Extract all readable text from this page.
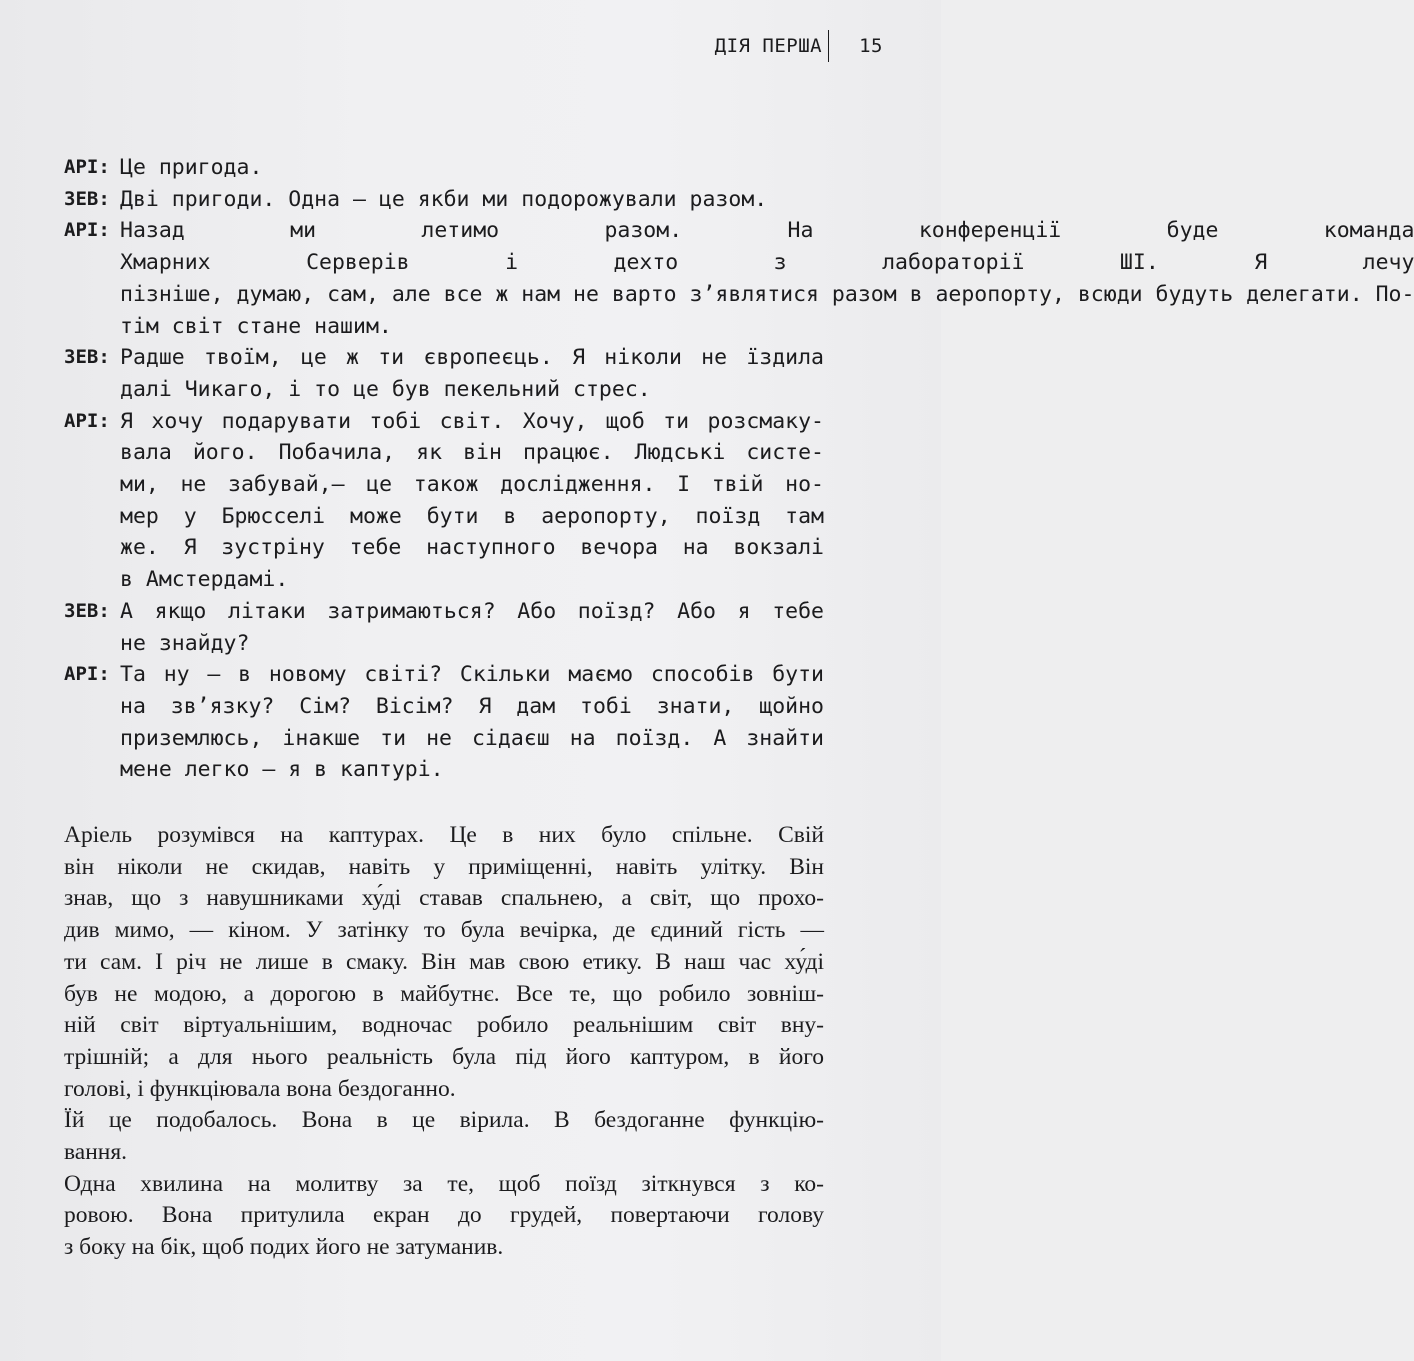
ДІЯ ПЕРША	15
АРІ: Це пригода.
ЗЕВ: Дві пригоди. Одна — це якби ми подорожували разом.
АРІ: Назад ми летимо разом. На конференції буде команда
Хмарних Серверів і дехто з лабораторії ШІ. Я лечу
пізніше, думаю, сам, але все ж нам не варто з’являтися разом в аеропорту, всюди будуть делегати. По-
тім світ стане нашим.
ЗЕВ: Радше твоїм, це ж ти європеєць. Я ніколи не їздила
далі Чикаго, і то це був пекельний стрес.
АРІ: Я хочу подарувати тобі світ. Хочу, щоб ти розсмаку-
вала його. Побачила, як він працює. Людські систе-
ми, не забувай,— це також дослідження. І твій но-
мер у Брюсселі може бути в аеропорту, поїзд там
же. Я зустріну тебе наступного вечора на вокзалі
в Амстердамі.
ЗЕВ: А якщо літаки затримаються? Або поїзд? Або я тебе
не знайду?
АРІ: Та ну — в новому світі? Скільки маємо способів бути
на зв’язку? Сім? Вісім? Я дам тобі знати, щойно
приземлюсь, інакше ти не сідаєш на поїзд. А знайти
мене легко — я в каптурі.

Аріель розумівся на каптурах. Це в них було спільне. Свій
він ніколи не скидав, навіть у приміщенні, навіть улітку. Він
знав, що з навушниками ху́ді ставав спальнею, а світ, що прохо-
див мимо, — кіном. У затінку то була вечірка, де єдиний гість —
ти сам. І річ не лише в смаку. Він мав свою етику. В наш час ху́ді
був не модою, а дорогою в майбутнє. Все те, що робило зовніш-
ній світ віртуальнішим, водночас робило реальнішим світ вну-
трішній; а для нього реальність була під його каптуром, в його
голові, і функціювала вона бездоганно.

Їй це подобалось. Вона в це вірила. В бездоганне функцію-
вання.

Одна хвилина на молитву за те, щоб поїзд зіткнувся з ко-
ровою. Вона притулила екран до грудей, повертаючи голову
з боку на бік, щоб подих його не затуманив.
